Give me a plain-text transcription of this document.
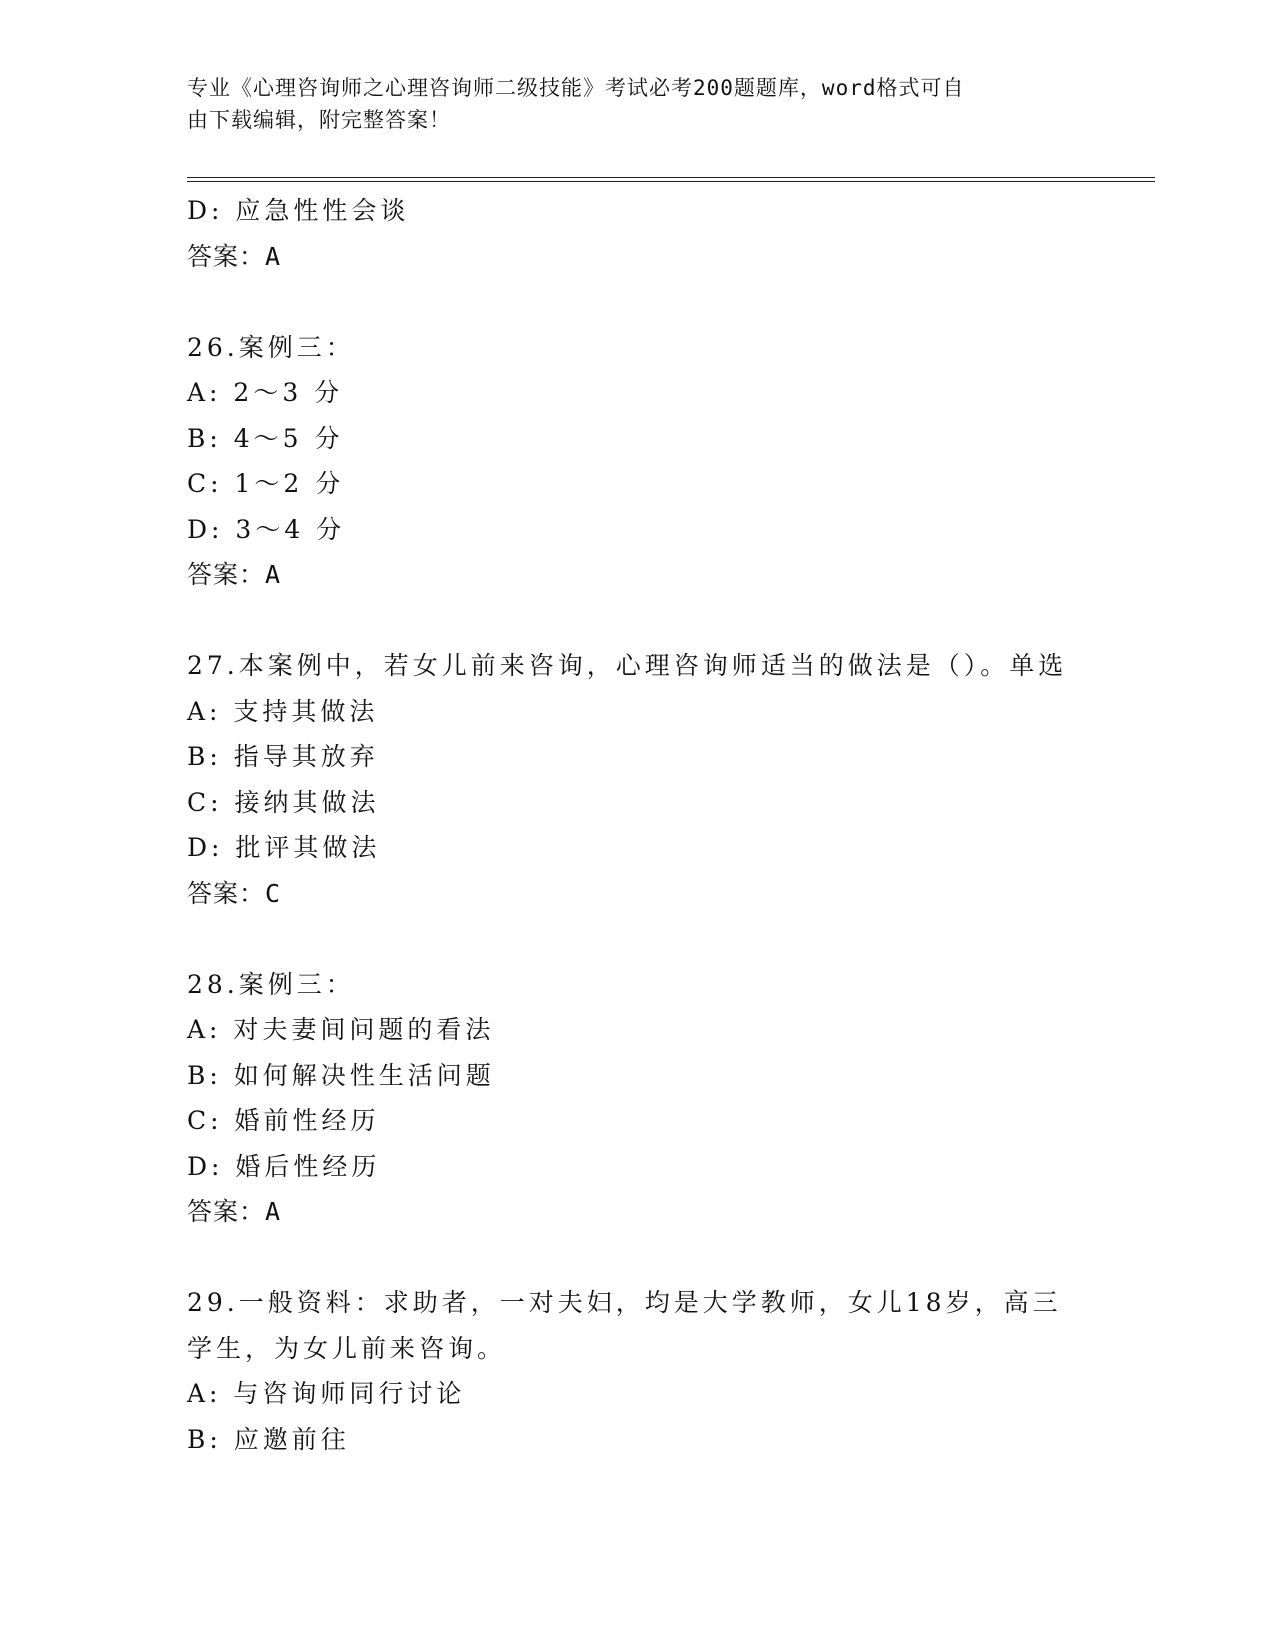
专业《心理咨询师之心理咨询师二级技能》考试必考200题题库，word格式可自
由下载编辑，附完整答案！
D: 应急性性会谈
答案：A
26.案例三：
A: 2～3 分
B: 4～5 分
C: 1～2 分
D: 3～4 分
答案：A
27.本案例中，若女儿前来咨询，心理咨询师适当的做法是（）。单选
A: 支持其做法
B: 指导其放弃
C: 接纳其做法
D: 批评其做法
答案：C
28.案例三：
A: 对夫妻间问题的看法
B: 如何解决性生活问题
C: 婚前性经历
D: 婚后性经历
答案：A
29.一般资料：求助者，一对夫妇，均是大学教师，女儿18岁，高三
学生，为女儿前来咨询。
A: 与咨询师同行讨论
B: 应邀前往
